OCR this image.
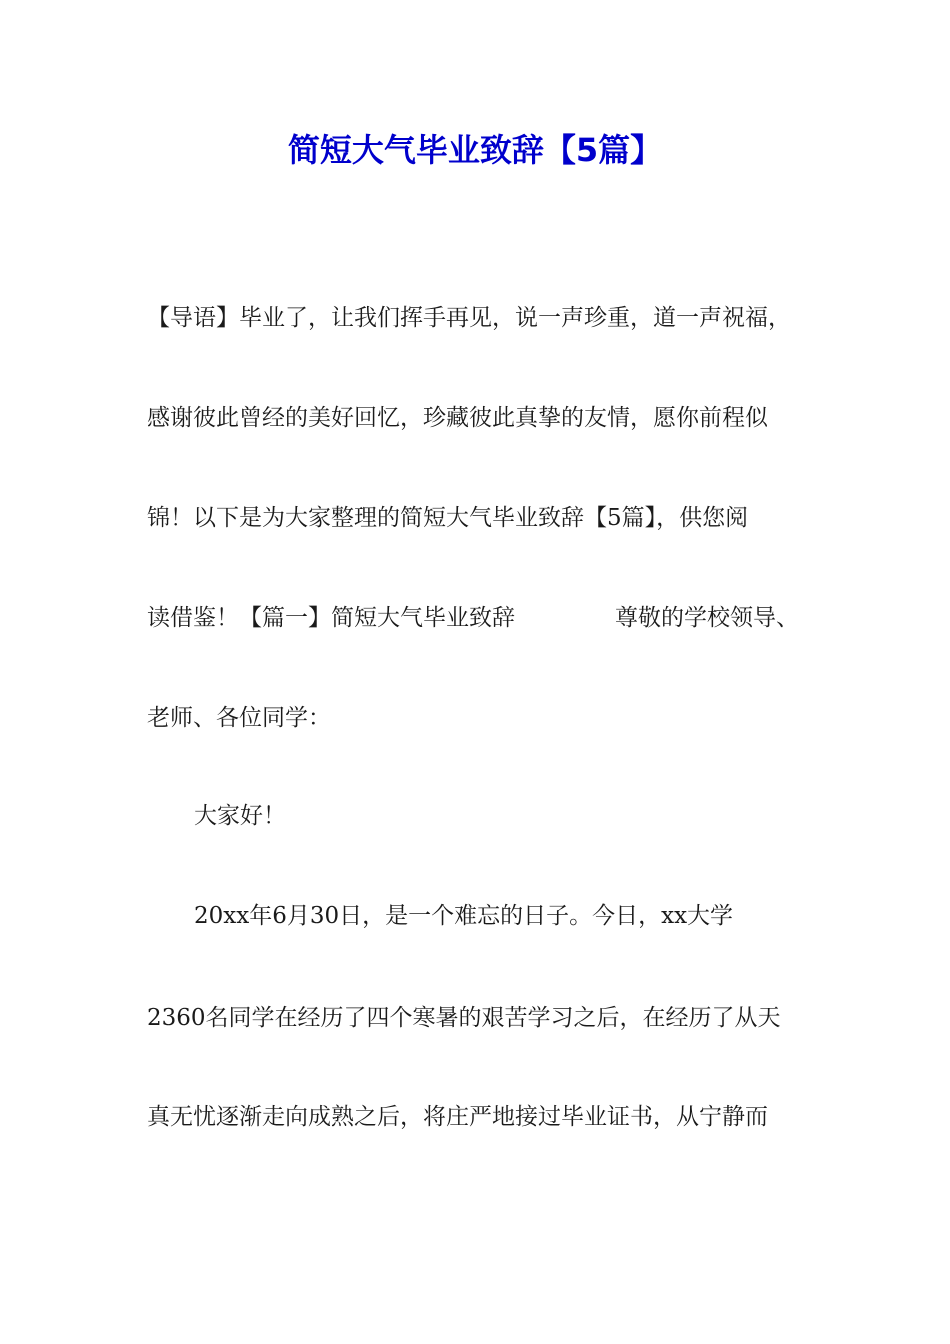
简短大气毕业致辞【5篇】
【导语】毕业了，让我们挥手再见，说一声珍重，道一声祝福，
感谢彼此曾经的美好回忆，珍藏彼此真挚的友情，愿你前程似
锦！以下是为大家整理的简短大气毕业致辞【5篇】，供您阅
读借鉴！【篇一】简短大气毕业致辞	尊敬的学校领导、
老师、各位同学：
大家好！
20xx年6月30日，是一个难忘的日子。今日，xx大学
2360名同学在经历了四个寒暑的艰苦学习之后，在经历了从天
真无忧逐渐走向成熟之后，将庄严地接过毕业证书，从宁静而
